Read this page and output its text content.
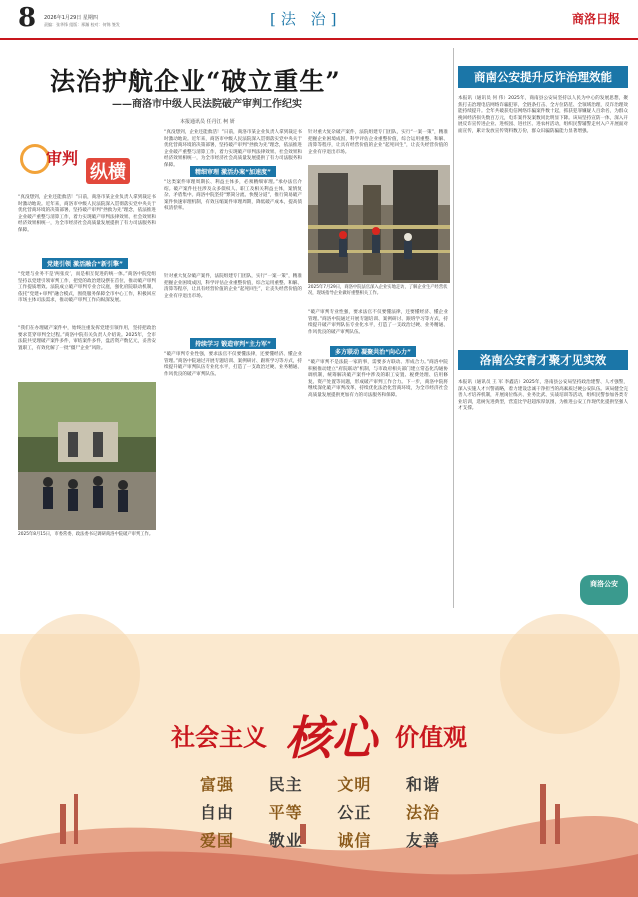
8 2026年1月29日 星期四
责编：张华锋 组版：邢瀚 校对：何锦 签发	[法 治]	商洛日报
法治护航企业“破立重生”
——商洛市中级人民法院破产审判工作纪实
本报通讯员 任丹江 柯 妍
审判
纵横
“真没想到，企业还能救活！”日前，商洛市某企业负责人拿到裁定书时激动地说。近年来，商洛市中级人民法院深入贯彻落实党中央关于优化营商环境的决策部署，坚持破产审判“拯救为先”理念，依法推进企业破产重整与清算工作，着力实现破产审判法律效果、社会效果和经济效果相统一，为全市经济社会高质量发展提供了有力司法服务和保障。
党建引领 激活融合“新引擎”
“党建与业务不是‘两张皮’，而是相互促进的统一体。”商洛中院党组坚持以党建引领审判工作，把党的政治建设摆在首位，推动破产审判工作提质增效。法院成立破产审判专业合议庭，强化府院联动机制，依托“党建+审判”融合模式，围绕服务保障全市中心工作，积极回应市场主体司法需求，推动破产审判工作向纵深发展。
“我们在办理破产案件中，始终注重发挥党建引领作用，坚持把政治要求贯穿审判全过程。”商洛中院有关负责人介绍说。2025年，全市法院共受理破产案件多件，审结案件多件，盘活资产数亿元，妥善安置职工，有效化解了一批“僵尸企业”风险。
“真没想到，企业还能救活！”日前，商洛市某企业负责人拿到裁定书时激动地说。近年来，商洛市中级人民法院深入贯彻落实党中央关于优化营商环境的决策部署，坚持破产审判“拯救为先”理念，依法推进企业破产重整与清算工作，着力实现破产审判法律效果、社会效果和经济效果相统一，为全市经济社会高质量发展提供了有力司法服务和保障。
精细审理 激活办案“加速度”
“这类案件审理周期长、利益主体多，必须精细审理。”承办法官介绍。破产案件往往涉及众多债权人、职工及相关利益主体，案情复杂、矛盾集中。商洛中院坚持“繁简分流、快慢分道”，推行简易破产案件快速审理机制，有效压缩案件审理周期，降低破产成本，提高债权清偿率。
针对重大复杂破产案件，法院组建专门团队，实行“一案一策”，精准把握企业困境成因，科学评估企业重整价值，综合运用重整、和解、清算等程序，让具有经营价值的企业“起死回生”，让丧失经营价值的企业有序退出市场。
持续学习 锻造审判“主力军”
针对重大复杂破产案件，法院组建专门团队，实行“一案一策”，精准把握企业困境成因，科学评估企业重整价值，综合运用重整、和解、清算等程序，让具有经营价值的企业“起死回生”，让丧失经营价值的企业有序退出市场。
2025年7月29日，商洛中院法官深入企业实地走访，了解企业生产经营状况，现场指导企业做好重整相关工作。
“破产审判专业性强，要求法官不仅要懂法律，还要懂经济、懂企业管理。”商洛中院通过开展专题培训、案例研讨、跟班学习等方式，持续提升破产审判队伍专业化水平，打造了一支政治过硬、业务精通、作风优良的破产审判队伍。
多方联动 凝聚共治“向心力”
“破产审判不是法院一家的事，需要多方联动、形成合力。”商洛中院积极推动建立“府院联动”机制，与市政府相关部门建立常态化沟通协调机制，统筹解决破产案件中涉及的职工安置、税费处理、信用修复、资产处置等问题，形成破产审判工作合力。下一步，商洛中院将继续深化破产审判改革，持续优化法治化营商环境，为全市经济社会高质量发展提供更加有力的司法服务和保障。
2025年8月15日，市委常委、政法委书记调研商洛中院破产审判工作。
“破产审判专业性强，要求法官不仅要懂法律，还要懂经济、懂企业管理。”商洛中院通过开展专题培训、案例研讨、跟班学习等方式，持续提升破产审判队伍专业化水平，打造了一支政治过硬、业务精通、作风优良的破产审判队伍。
商南公安提升反诈治理效能
本报讯（通讯员 何 伟）2025年，商南县公安局坚持以人民为中心的发展思想，聚焦打击治理电信网络诈骗犯罪，全链条打击、全方位防范、全领域治理，反诈治理效能持续提升。全年共破获电信网络诈骗案件数十起，抓获犯罪嫌疑人百余名，为群众挽回经济损失数百万元，电诈案件发案数同比明显下降。该局坚持宣防一体，深入开展反诈宣传进企业、进校园、进社区、进农村活动，组织民警辅警走村入户开展面对面宣传，累计发放宣传资料数万份，群众识骗防骗能力显著增强。
洛南公安育才聚才见实效
本报讯（通讯员 王 军 李鑫洁）2025年，洛南县公安局坚持政治建警、人才强警，深入实施人才兴警战略，着力建设忠诚干净担当的高素质过硬公安队伍。该局健全完善人才培养机制，开展岗位练兵、业务比武、实战培训等活动，组织民警参加各类专业培训，选树先进典型，营造比学赶超浓厚氛围，为推进公安工作现代化提供坚强人才支撑。
商洛公安
社会主义 核心 价值观
富强 民主 文明 和谐
自由 平等 公正 法治
爱国 敬业 诚信 友善
